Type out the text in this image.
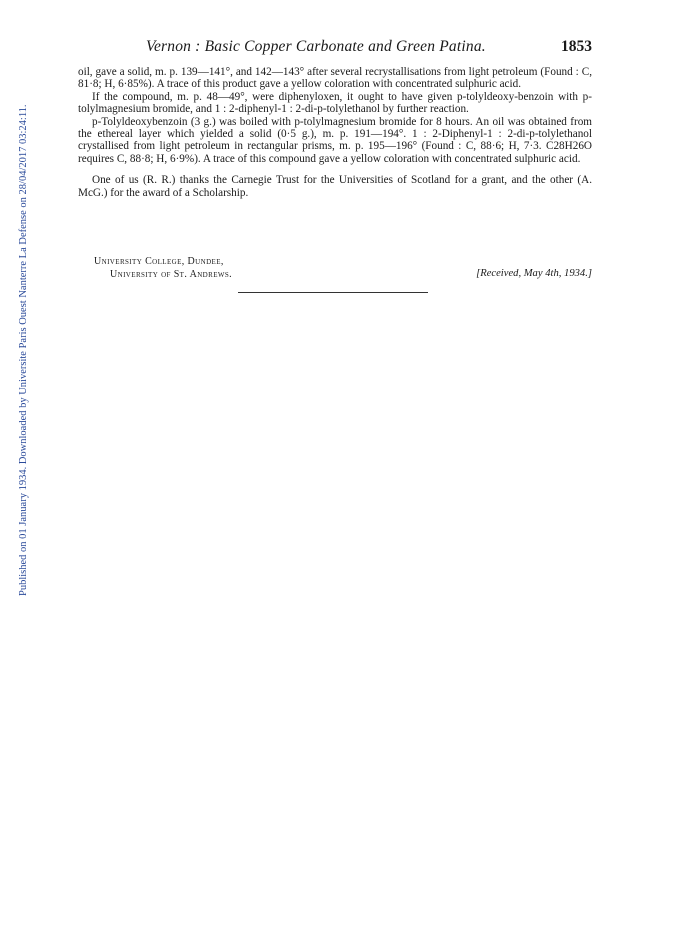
Published on 01 January 1934. Downloaded by Universite Paris Ouest Nanterre La Defense on 28/04/2017 03:24:11.
Vernon : Basic Copper Carbonate and Green Patina.	1853

oil, gave a solid, m. p. 139—141°, and 142—143° after several recrystallisations from light petroleum (Found : C, 81·8; H, 6·85%). A trace of this product gave a yellow coloration with concentrated sulphuric acid.

If the compound, m. p. 48—49°, were diphenyloxen, it ought to have given p-tolyldeoxy-benzoin with p-tolylmagnesium bromide, and 1 : 2-diphenyl-1 : 2-di-p-tolylethanol by further reaction.

p-Tolyldeoxybenzoin (3 g.) was boiled with p-tolylmagnesium bromide for 8 hours. An oil was obtained from the ethereal layer which yielded a solid (0·5 g.), m. p. 191—194°. 1 : 2-Diphenyl-1 : 2-di-p-tolylethanol crystallised from light petroleum in rectangular prisms, m. p. 195—196° (Found : C, 88·6; H, 7·3. C28H26O requires C, 88·8; H, 6·9%). A trace of this compound gave a yellow coloration with concentrated sulphuric acid.

One of us (R. R.) thanks the Carnegie Trust for the Universities of Scotland for a grant, and the other (A. McG.) for the award of a Scholarship.

University College, Dundee,
University of St. Andrews.	[Received, May 4th, 1934.]
